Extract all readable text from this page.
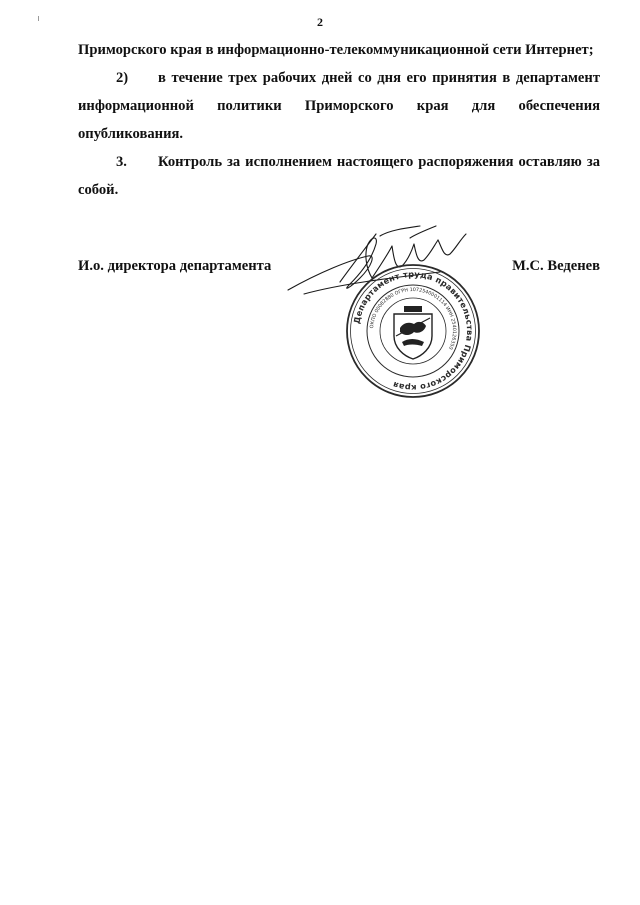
2
Приморского края в информационно-телекоммуникационной сети Интернет;
2) в течение трех рабочих дней со дня его принятия в департамент
информационной политики Приморского края для обеспечения
опубликования.
3. Контроль за исполнением настоящего распоряжения оставляю за
собой.
И.о. директора департамента	М.С. Веденев
Департамент труда правительства Приморского края
ОКПО 00082880 ОГРН 1072540001114 ИНН 2540126350
